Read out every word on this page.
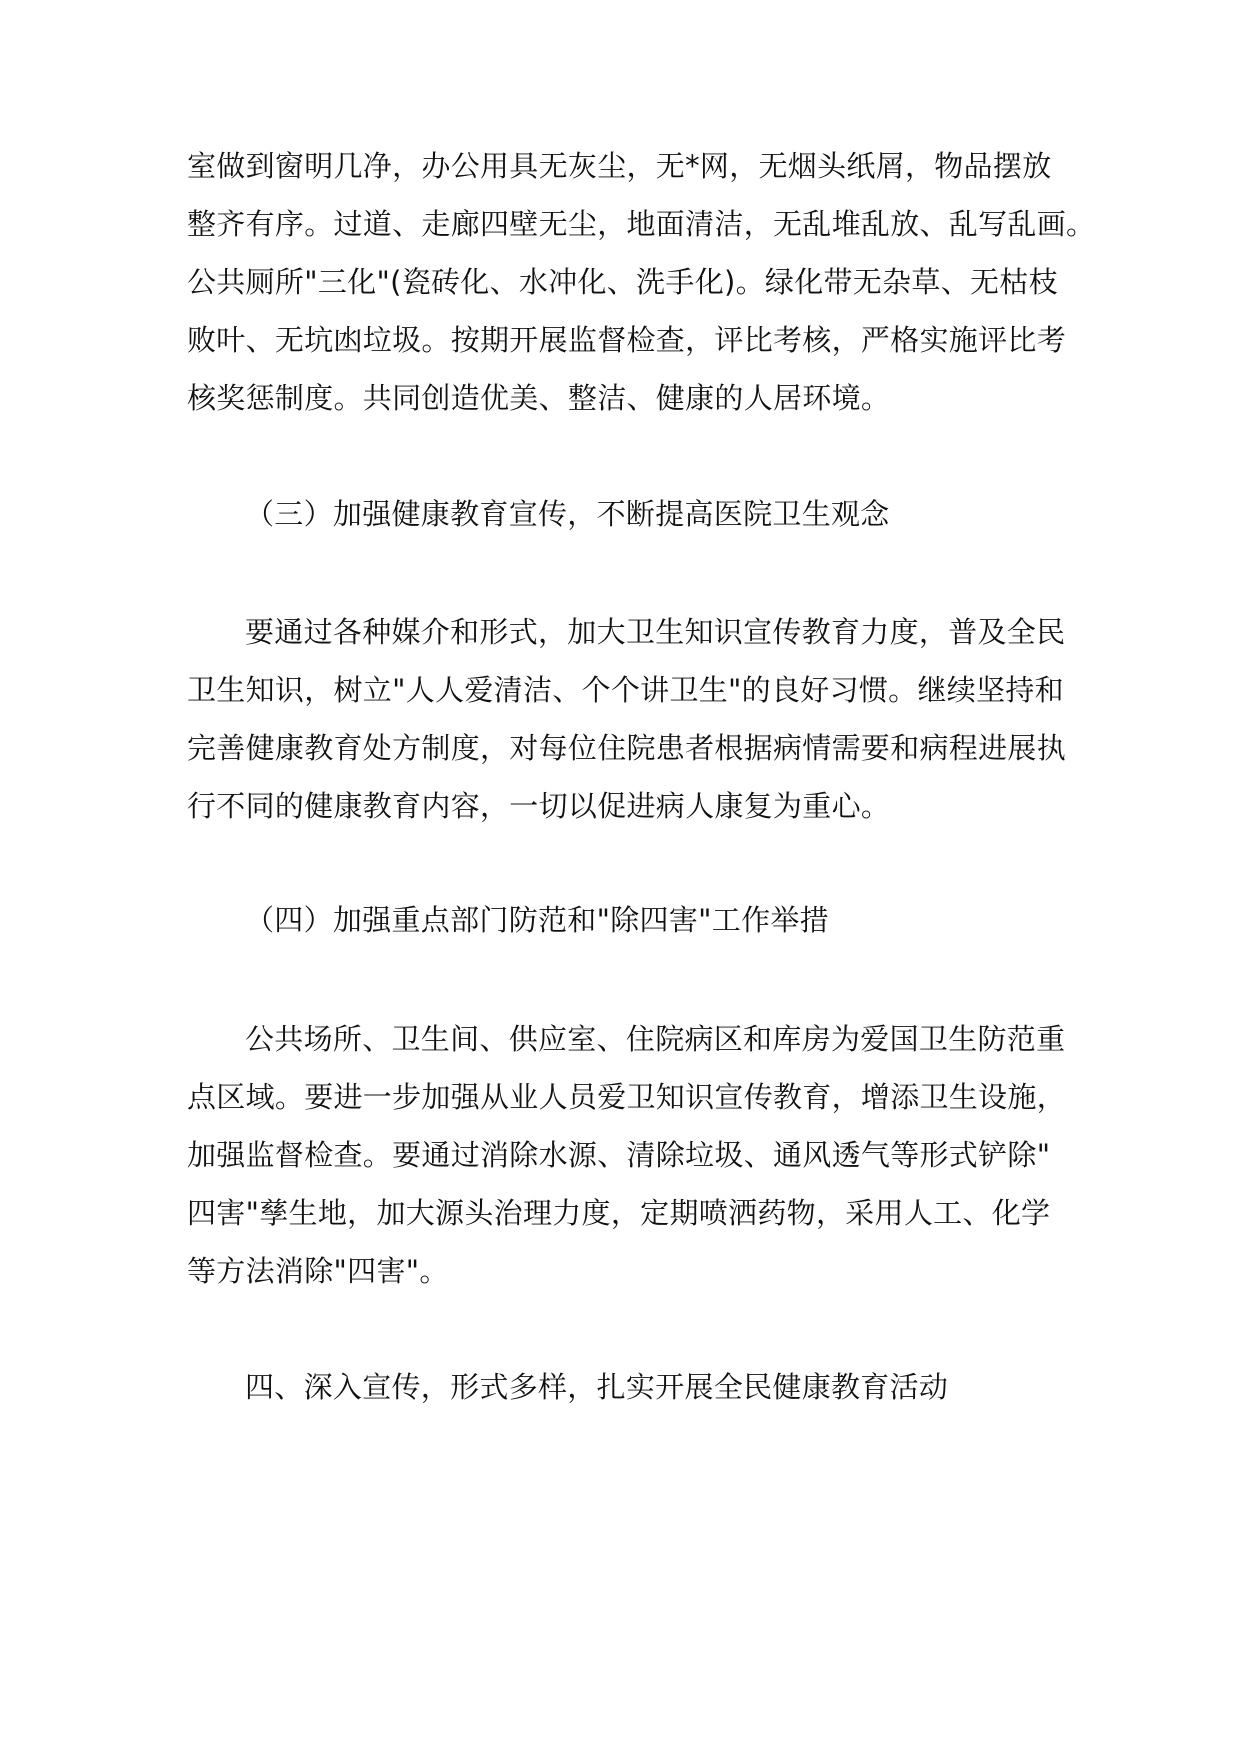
室做到窗明几净，办公用具无灰尘，无*网，无烟头纸屑，物品摆放
整齐有序。过道、走廊四壁无尘，地面清洁，无乱堆乱放、乱写乱画。
公共厕所"三化"(瓷砖化、水冲化、洗手化)。绿化带无杂草、无枯枝
败叶、无坑凼垃圾。按期开展监督检查，评比考核，严格实施评比考
核奖惩制度。共同创造优美、整洁、健康的人居环境。
（三）加强健康教育宣传，不断提高医院卫生观念
要通过各种媒介和形式，加大卫生知识宣传教育力度，普及全民
卫生知识，树立"人人爱清洁、个个讲卫生"的良好习惯。继续坚持和
完善健康教育处方制度，对每位住院患者根据病情需要和病程进展执
行不同的健康教育内容，一切以促进病人康复为重心。
（四）加强重点部门防范和"除四害"工作举措
公共场所、卫生间、供应室、住院病区和库房为爱国卫生防范重
点区域。要进一步加强从业人员爱卫知识宣传教育，增添卫生设施，
加强监督检查。要通过消除水源、清除垃圾、通风透气等形式铲除"
四害"孳生地，加大源头治理力度，定期喷洒药物，采用人工、化学
等方法消除"四害"。
四、深入宣传，形式多样，扎实开展全民健康教育活动
